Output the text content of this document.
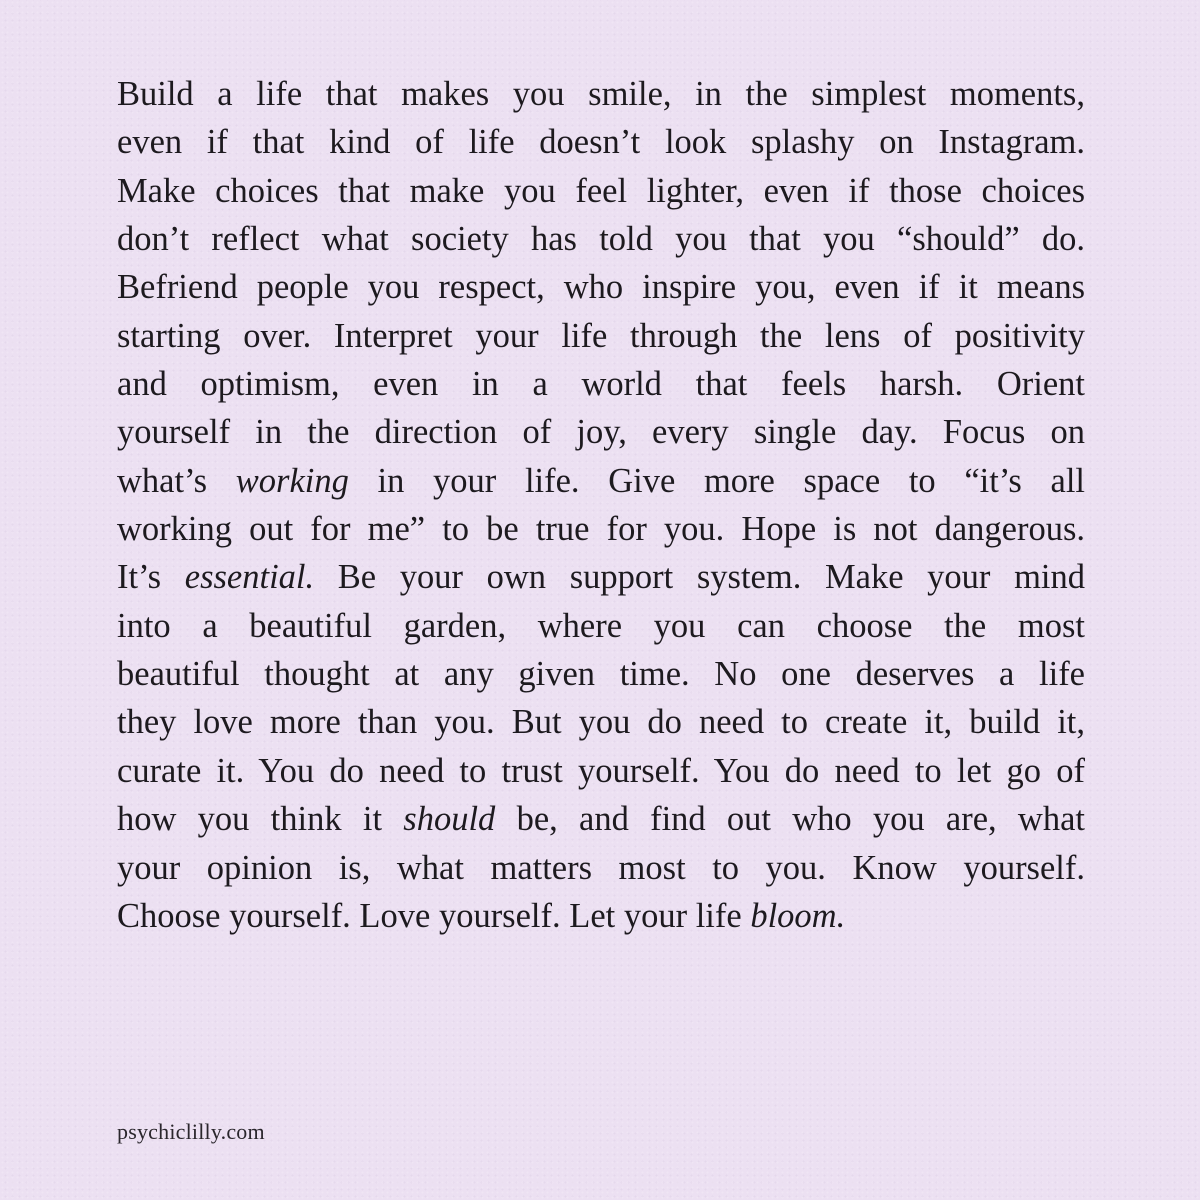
Build a life that makes you smile, in the simplest moments,
even if that kind of life doesn’t look splashy on Instagram.
Make choices that make you feel lighter, even if those choices
don’t reflect what society has told you that you “should” do.
Befriend people you respect, who inspire you, even if it means
starting over. Interpret your life through the lens of positivity
and optimism, even in a world that feels harsh. Orient
yourself in the direction of joy, every single day. Focus on
what’s working in your life. Give more space to “it’s all
working out for me” to be true for you. Hope is not dangerous.
It’s essential. Be your own support system. Make your mind
into a beautiful garden, where you can choose the most
beautiful thought at any given time. No one deserves a life
they love more than you. But you do need to create it, build it,
curate it. You do need to trust yourself. You do need to let go of
how you think it should be, and find out who you are, what
your opinion is, what matters most to you. Know yourself.
Choose yourself. Love yourself. Let your life bloom.
psychiclilly.com
